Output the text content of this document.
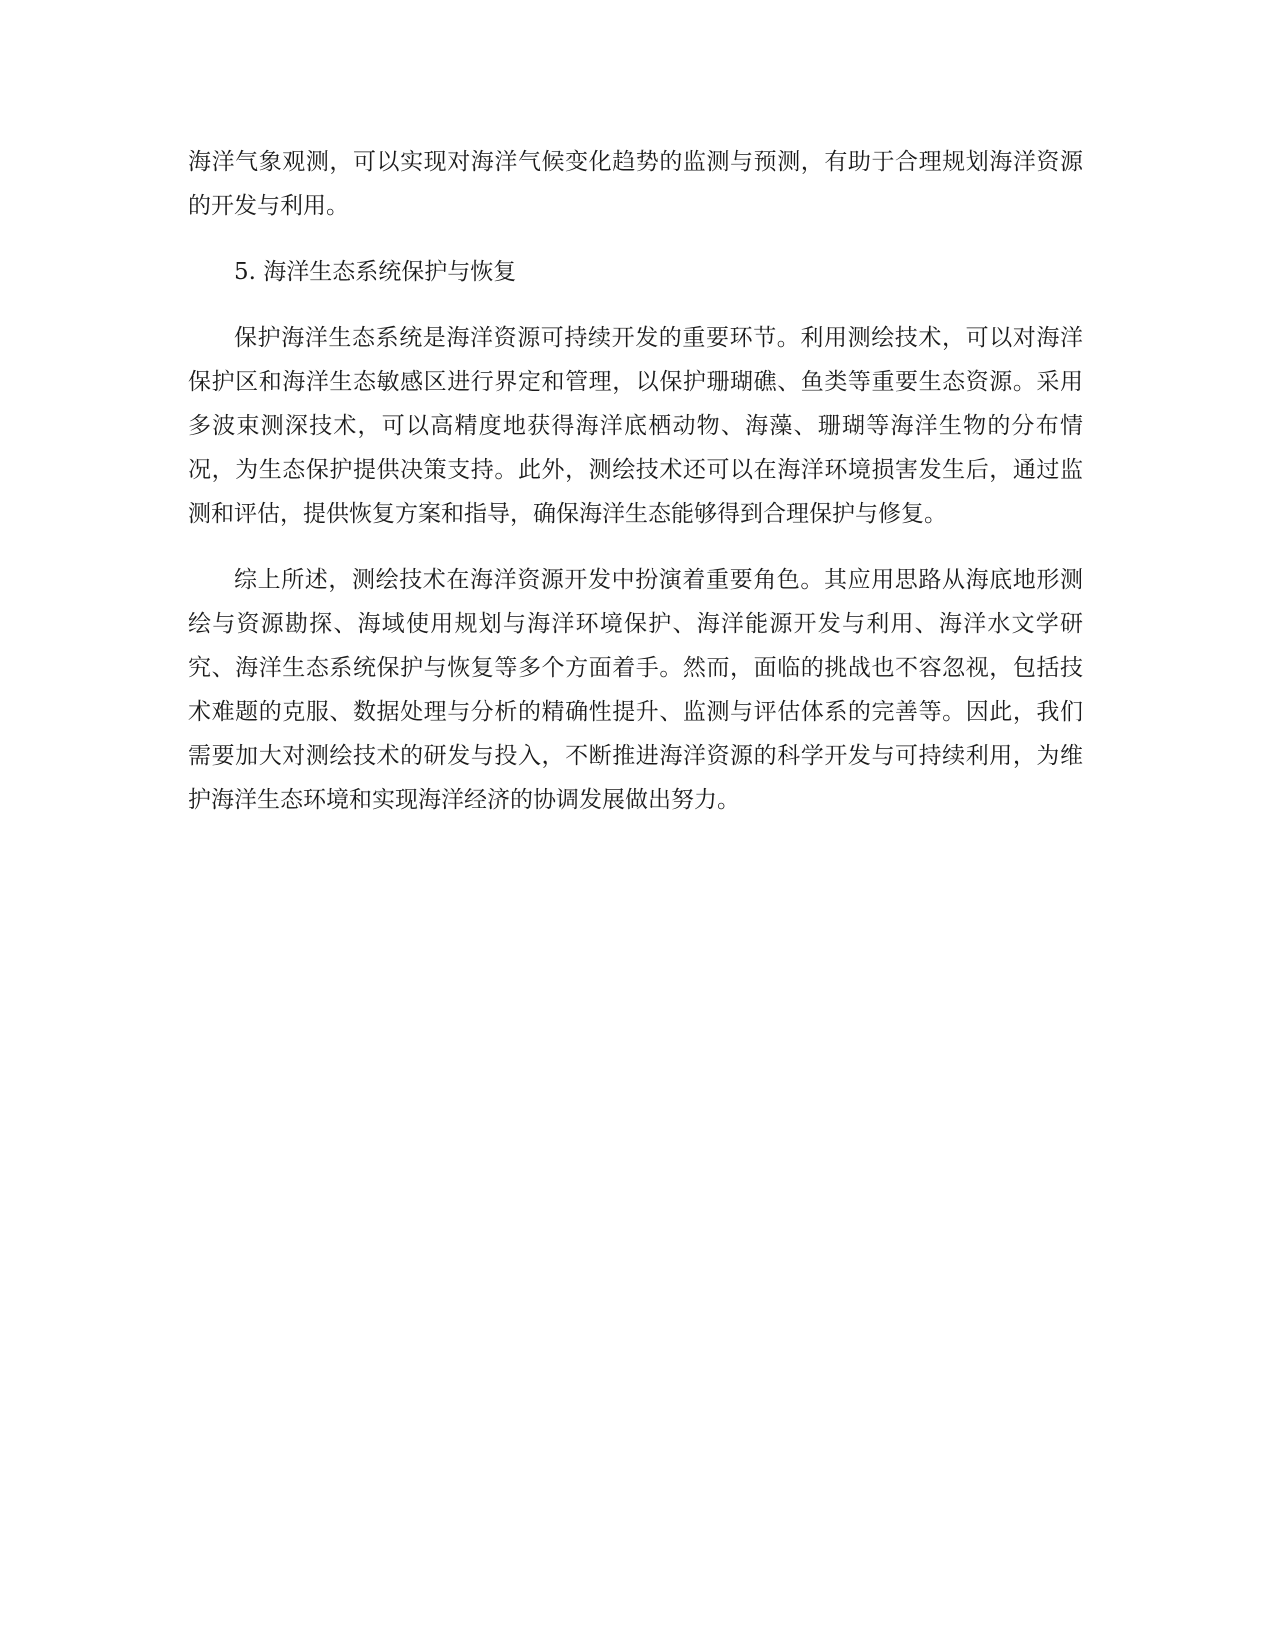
海洋气象观测，可以实现对海洋气候变化趋势的监测与预测，有助于合理规划海洋资源的开发与利用。

5. 海洋生态系统保护与恢复

保护海洋生态系统是海洋资源可持续开发的重要环节。利用测绘技术，可以对海洋保护区和海洋生态敏感区进行界定和管理，以保护珊瑚礁、鱼类等重要生态资源。采用多波束测深技术，可以高精度地获得海洋底栖动物、海藻、珊瑚等海洋生物的分布情况，为生态保护提供决策支持。此外，测绘技术还可以在海洋环境损害发生后，通过监测和评估，提供恢复方案和指导，确保海洋生态能够得到合理保护与修复。

综上所述，测绘技术在海洋资源开发中扮演着重要角色。其应用思路从海底地形测绘与资源勘探、海域使用规划与海洋环境保护、海洋能源开发与利用、海洋水文学研究、海洋生态系统保护与恢复等多个方面着手。然而，面临的挑战也不容忽视，包括技术难题的克服、数据处理与分析的精确性提升、监测与评估体系的完善等。因此，我们需要加大对测绘技术的研发与投入，不断推进海洋资源的科学开发与可持续利用，为维护海洋生态环境和实现海洋经济的协调发展做出努力。
